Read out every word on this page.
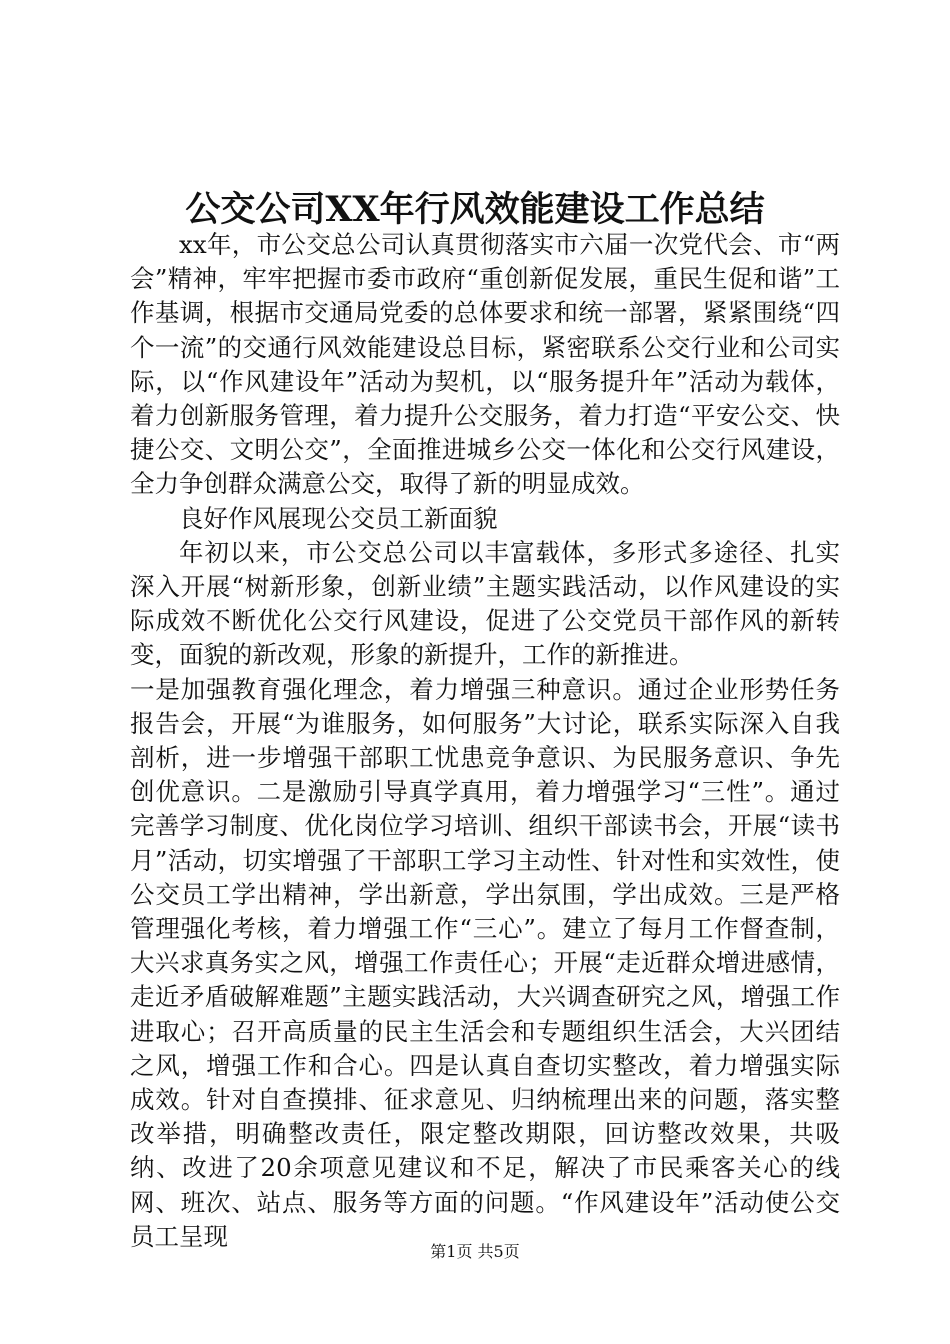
公交公司XX年行风效能建设工作总结

xx年，市公交总公司认真贯彻落实市六届一次党代会、市“两会”精神，牢牢把握市委市政府“重创新促发展，重民生促和谐”工作基调，根据市交通局党委的总体要求和统一部署，紧紧围绕“四个一流”的交通行风效能建设总目标，紧密联系公交行业和公司实际，以“作风建设年”活动为契机，以“服务提升年”活动为载体，着力创新服务管理，着力提升公交服务，着力打造“平安公交、快捷公交、文明公交”，全面推进城乡公交一体化和公交行风建设，全力争创群众满意公交，取得了新的明显成效。

良好作风展现公交员工新面貌

年初以来，市公交总公司以丰富载体，多形式多途径、扎实深入开展“树新形象，创新业绩”主题实践活动，以作风建设的实际成效不断优化公交行风建设，促进了公交党员干部作风的新转变，面貌的新改观，形象的新提升，工作的新推进。

一是加强教育强化理念，着力增强三种意识。通过企业形势任务报告会，开展“为谁服务，如何服务”大讨论，联系实际深入自我剖析，进一步增强干部职工忧患竞争意识、为民服务意识、争先创优意识。二是激励引导真学真用，着力增强学习“三性”。通过完善学习制度、优化岗位学习培训、组织干部读书会，开展“读书月”活动，切实增强了干部职工学习主动性、针对性和实效性，使公交员工学出精神，学出新意，学出氛围，学出成效。三是严格管理强化考核，着力增强工作“三心”。建立了每月工作督查制，大兴求真务实之风，增强工作责任心；开展“走近群众增进感情，走近矛盾破解难题”主题实践活动，大兴调查研究之风，增强工作进取心；召开高质量的民主生活会和专题组织生活会，大兴团结之风，增强工作和合心。四是认真自查切实整改，着力增强实际成效。针对自查摸排、征求意见、归纳梳理出来的问题，落实整改举措，明确整改责任，限定整改期限，回访整改效果，共吸纳、改进了20余项意见建议和不足，解决了市民乘客关心的线网、班次、站点、服务等方面的问题。“作风建设年”活动使公交员工呈现

第1页 共5页
